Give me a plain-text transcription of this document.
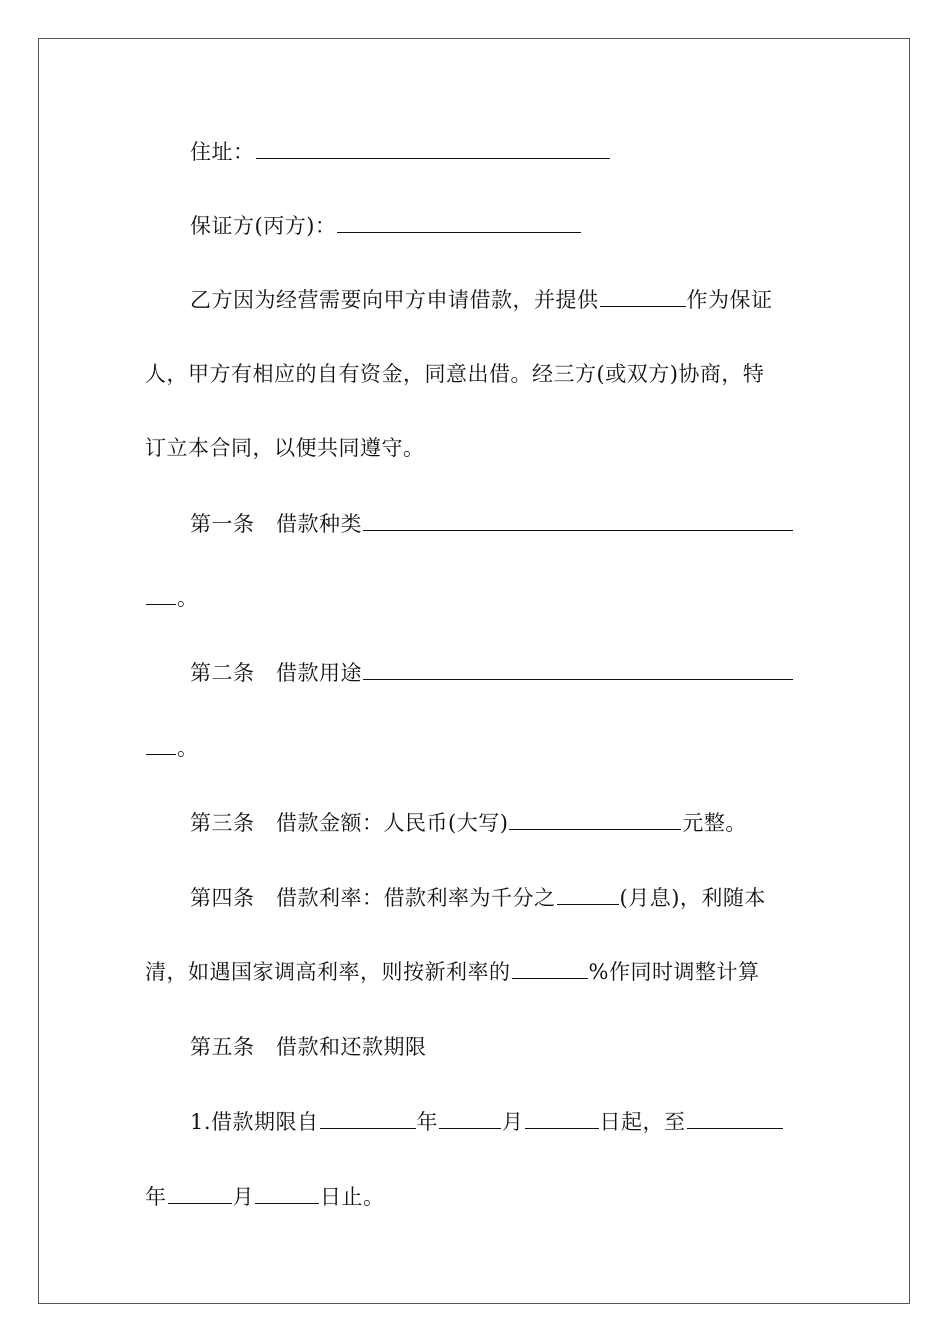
住址：
保证方(丙方)：
乙方因为经营需要向甲方申请借款，并提供	作为保证
人，甲方有相应的自有资金，同意出借。经三方(或双方)协商，特
订立本合同，以便共同遵守。
第一条　借款种类
。
第二条　借款用途
。
第三条　借款金额：人民币(大写)	元整。
第四条　借款利率：借款利率为千分之	(月息)，利随本
清，如遇国家调高利率，则按新利率的	%作同时调整计算
第五条　借款和还款期限
1.借款期限自	年	月	日起，至
年	月	日止。
